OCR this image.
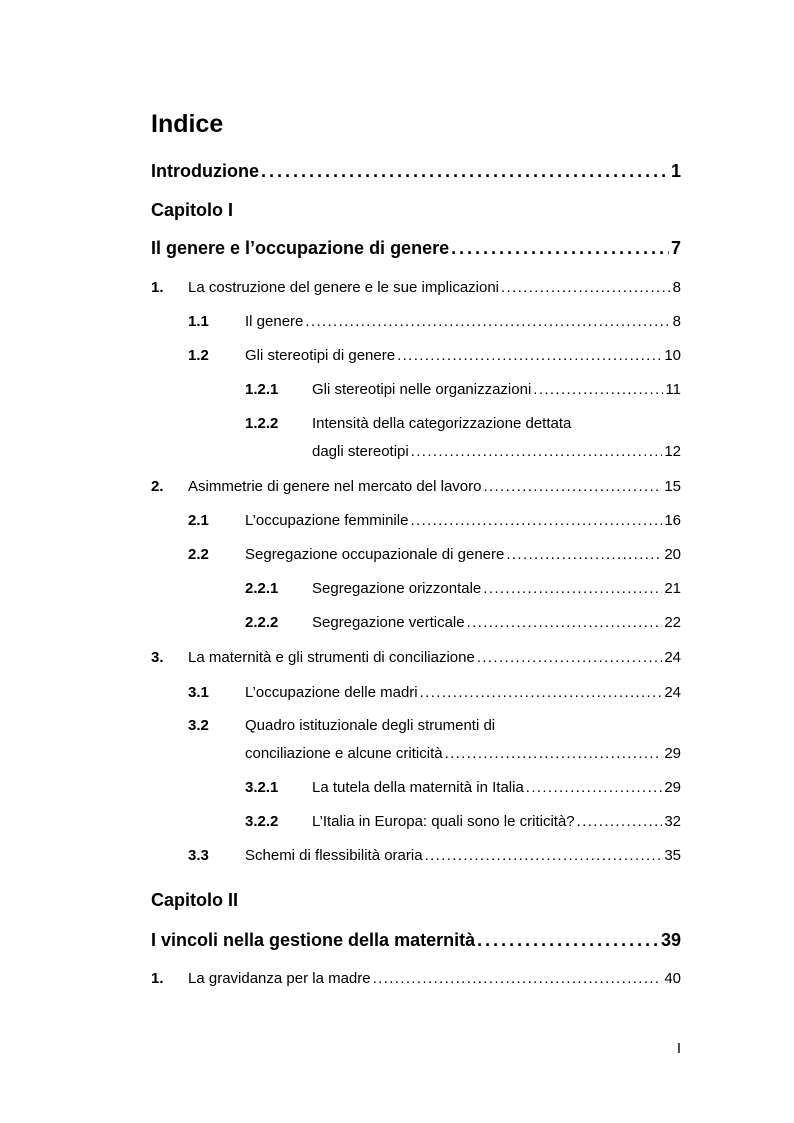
Indice
Introduzione . . .	1
Capitolo I
Il genere e l’occupazione di genere . . .	7
1.	La costruzione del genere e le sue implicazioni . . .	8
1.1	Il genere . . .	8
1.2	Gli stereotipi di genere . . .	10
1.2.1	Gli stereotipi nelle organizzazioni . . .	11
1.2.2 Intensità della categorizzazione dettata
dagli stereotipi . . .	12
2.	Asimmetrie di genere nel mercato del lavoro . . .	15
2.1	L’occupazione femminile . . .	16
2.2	Segregazione occupazionale di genere . . .	20
2.2.1	Segregazione orizzontale . . .	21
2.2.2	Segregazione verticale . . .	22
3.	La maternità e gli strumenti di conciliazione . . .	24
3.1	L’occupazione delle madri . . .	24
3.2 Quadro istituzionale degli strumenti di
conciliazione e alcune criticità . . .	29
3.2.1	La tutela della maternità in Italia . . .	29
3.2.2	L’Italia in Europa: quali sono le criticità? . . .	32
3.3	Schemi di flessibilità oraria . . .	35
Capitolo II
I vincoli nella gestione della maternità . . .	39
1.	La gravidanza per la madre . . .	40
I
